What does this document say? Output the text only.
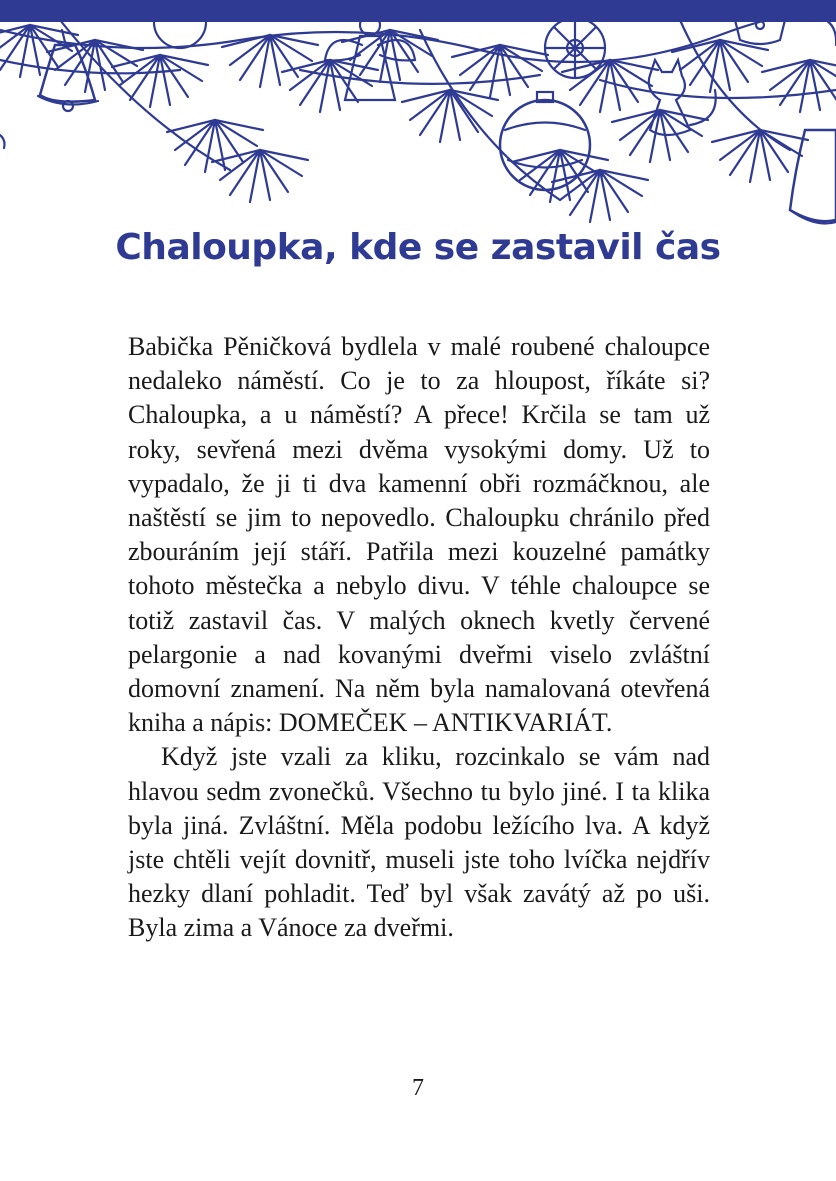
Chaloupka, kde se zastavil čas

Babička Pěničková bydlela v malé roubené chaloupce nedaleko náměstí. Co je to za hloupost, říkáte si? Chaloupka, a u náměstí? A přece! Krčila se tam už roky, sevřená mezi dvěma vysokými domy. Už to vypadalo, že ji ti dva kamenní obři rozmáčknou, ale naštěstí se jim to nepovedlo. Chaloupku chránilo před zbouráním její stáří. Patřila mezi kouzelné památky tohoto městečka a nebylo divu. V téhle chaloupce se totiž zastavil čas. V malých oknech kvetly červené pelargonie a nad kovanými dveřmi viselo zvláštní domovní znamení. Na něm byla namalovaná otevřená kniha a nápis: DOMEČEK – ANTIKVARIÁT.

Když jste vzali za kliku, rozcinkalo se vám nad hlavou sedm zvonečků. Všechno tu bylo jiné. I ta klika byla jiná. Zvláštní. Měla podobu ležícího lva. A když jste chtěli vejít dovnitř, museli jste toho lvíčka nejdřív hezky dlaní pohladit. Teď byl však zavátý až po uši. Byla zima a Vánoce za dveřmi.

7
